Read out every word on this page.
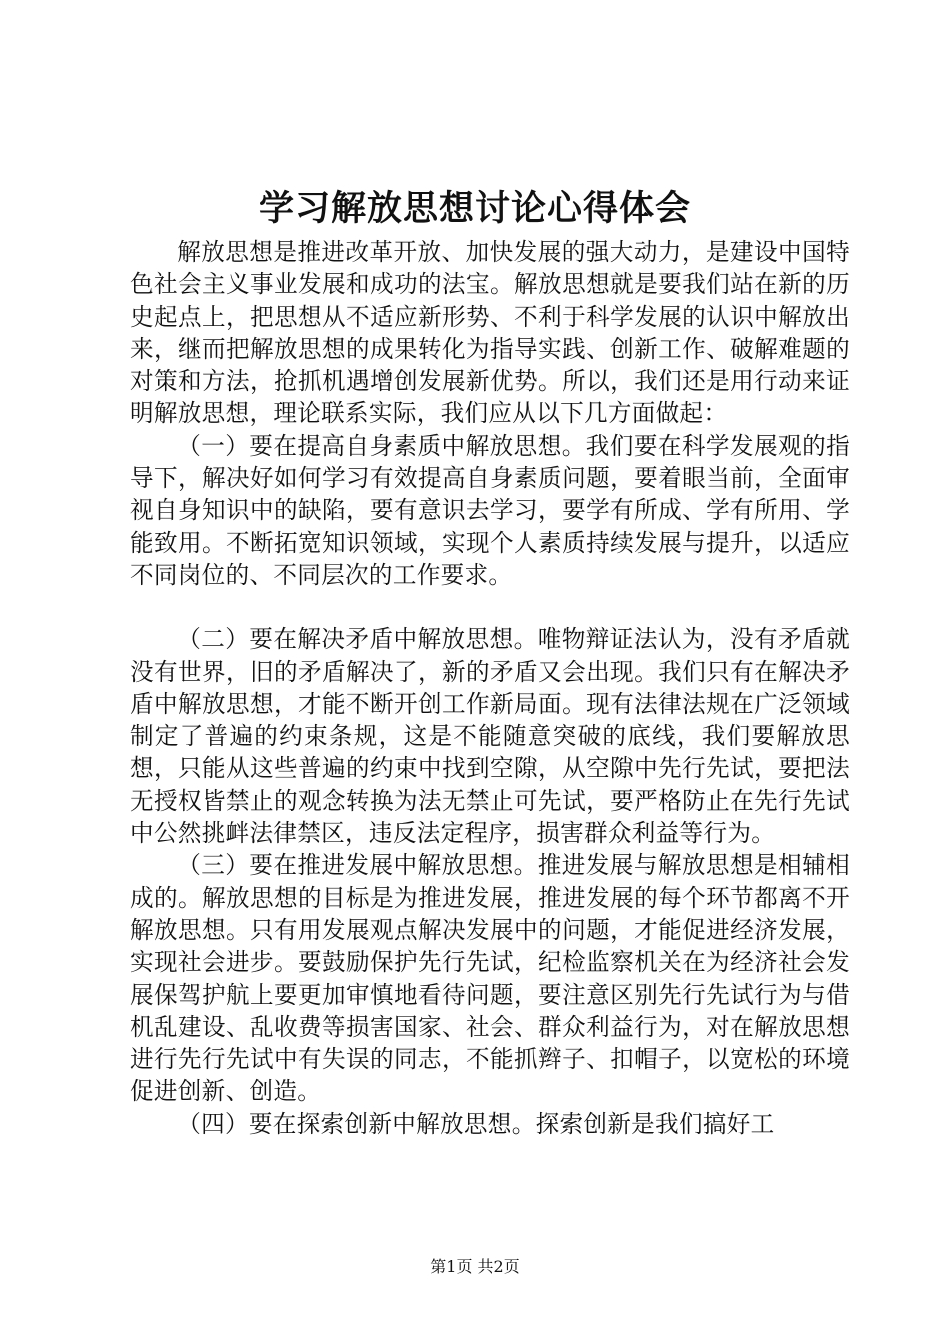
学习解放思想讨论心得体会

解放思想是推进改革开放、加快发展的强大动力，是建设中国特色社会主义事业发展和成功的法宝。解放思想就是要我们站在新的历史起点上，把思想从不适应新形势、不利于科学发展的认识中解放出来，继而把解放思想的成果转化为指导实践、创新工作、破解难题的对策和方法，抢抓机遇增创发展新优势。所以，我们还是用行动来证明解放思想，理论联系实际，我们应从以下几方面做起：

（一）要在提高自身素质中解放思想。我们要在科学发展观的指导下，解决好如何学习有效提高自身素质问题，要着眼当前，全面审视自身知识中的缺陷，要有意识去学习，要学有所成、学有所用、学能致用。不断拓宽知识领域，实现个人素质持续发展与提升，以适应不同岗位的、不同层次的工作要求。

（二）要在解决矛盾中解放思想。唯物辩证法认为，没有矛盾就没有世界，旧的矛盾解决了，新的矛盾又会出现。我们只有在解决矛盾中解放思想，才能不断开创工作新局面。现有法律法规在广泛领域制定了普遍的约束条规，这是不能随意突破的底线，我们要解放思想，只能从这些普遍的约束中找到空隙，从空隙中先行先试，要把法无授权皆禁止的观念转换为法无禁止可先试，要严格防止在先行先试中公然挑衅法律禁区，违反法定程序，损害群众利益等行为。

（三）要在推进发展中解放思想。推进发展与解放思想是相辅相成的。解放思想的目标是为推进发展，推进发展的每个环节都离不开解放思想。只有用发展观点解决发展中的问题，才能促进经济发展，实现社会进步。要鼓励保护先行先试，纪检监察机关在为经济社会发展保驾护航上要更加审慎地看待问题，要注意区别先行先试行为与借机乱建设、乱收费等损害国家、社会、群众利益行为，对在解放思想进行先行先试中有失误的同志，不能抓辫子、扣帽子，以宽松的环境促进创新、创造。

（四）要在探索创新中解放思想。探索创新是我们搞好工

第1页 共2页
